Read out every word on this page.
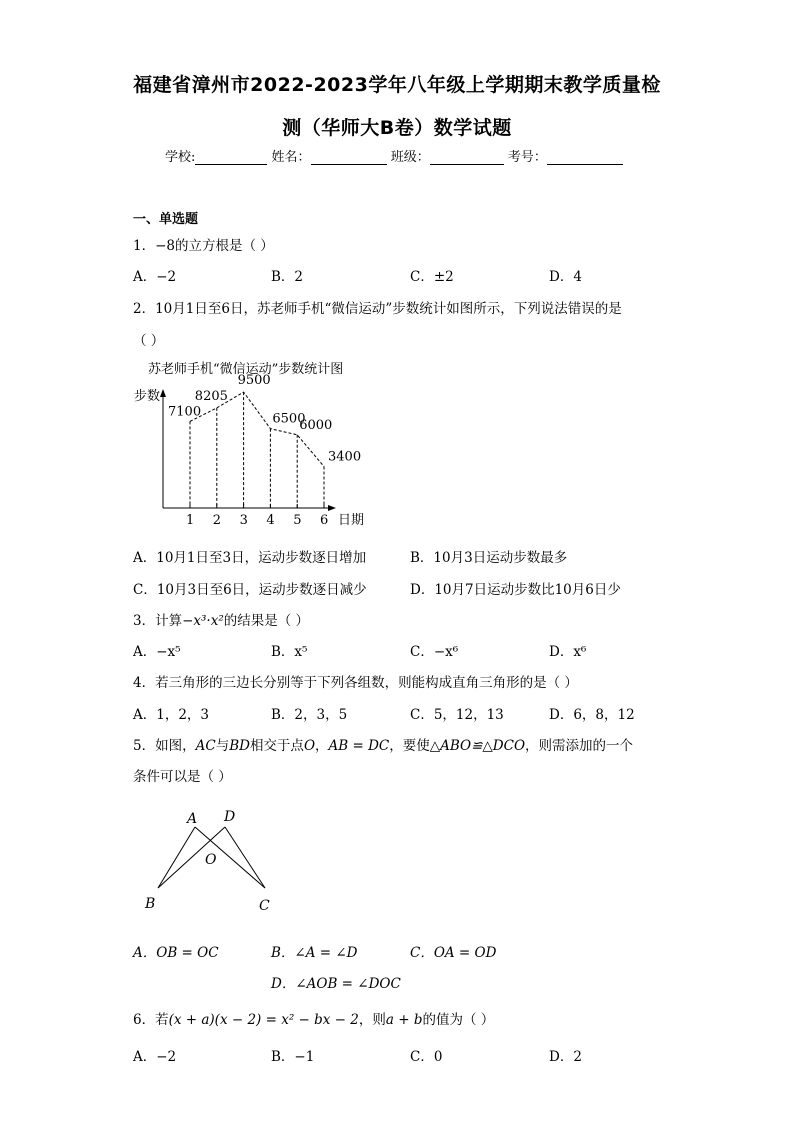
福建省漳州市2022-2023学年八年级上学期期末教学质量检
测（华师大B卷）数学试题
学校:	姓名：	班级：	考号：
一、单选题
1．−8的立方根是（ ）
A．−2	B．2	C．±2	D．4
2．10月1日至6日，苏老师手机“微信运动”步数统计如图所示，下列说法错误的是
（ ）
苏老师手机“微信运动”步数统计图
步数
日期
7100
1
8205
2
9500
3
6500
4
6000
5
3400
6
A．10月1日至3日，运动步数逐日增加	B．10月3日运动步数最多
C．10月3日至6日，运动步数逐日减少	D．10月7日运动步数比10月6日少
3．计算−x³·x²的结果是（ ）
A．−x⁵	B．x⁵	C．−x⁶	D．x⁶
4．若三角形的三边长分别等于下列各组数，则能构成直角三角形的是（ ）
A．1，2，3	B．2，3，5	C．5，12，13	D．6，8，12
5．如图，AC与BD相交于点O，AB = DC，要使△ABO≌△DCO，则需添加的一个
条件可以是（ ）
A D
O
B	C
A．OB = OC	B．∠A = ∠D	C．OA = OD
D．∠AOB = ∠DOC
6．若(x + a)(x − 2) = x² − bx − 2，则a + b的值为（ ）
A．−2	B．−1	C．0	D．2
